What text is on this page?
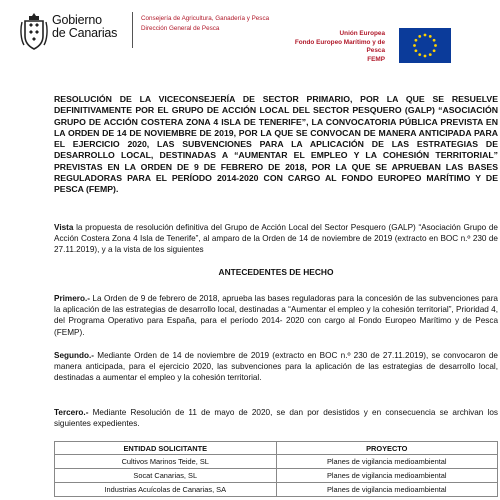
Gobierno
de Canarias
Consejería de Agricultura, Ganadería y Pesca
Dirección General de Pesca
Unión Europea
Fondo Europeo Marítimo y de
Pesca
FEMP
RESOLUCIÓN DE LA VICECONSEJERÍA DE SECTOR PRIMARIO, POR LA QUE SE RESUELVE DEFINITIVAMENTE POR EL GRUPO DE ACCIÓN LOCAL DEL SECTOR PESQUERO (GALP) “ASOCIACIÓN GRUPO DE ACCIÓN COSTERA ZONA 4 ISLA DE TENERIFE”, LA CONVOCATORIA PÚBLICA PREVISTA EN LA ORDEN DE 14 DE NOVIEMBRE DE 2019, POR LA QUE SE CONVOCAN DE MANERA ANTICIPADA PARA EL EJERCICIO 2020, LAS SUBVENCIONES PARA LA APLICACIÓN DE LAS ESTRATEGIAS DE DESARROLLO LOCAL, DESTINADAS A “AUMENTAR EL EMPLEO Y LA COHESIÓN TERRITORIAL” PREVISTAS EN LA ORDEN DE 9 DE FEBRERO DE 2018, POR LA QUE SE APRUEBAN LAS BASES REGULADORAS PARA EL PERÍODO 2014-2020 CON CARGO AL FONDO EUROPEO MARÍTIMO Y DE PESCA (FEMP).
Vista la propuesta de resolución definitiva del Grupo de Acción Local del Sector Pesquero (GALP) “Asociación Grupo de Acción Costera Zona 4 Isla de Tenerife”, al amparo de la Orden de 14 de noviembre de 2019 (extracto en BOC n.º 230 de 27.11.2019), y a la vista de los siguientes
ANTECEDENTES DE HECHO
Primero.- La Orden de 9 de febrero de 2018, aprueba las bases reguladoras para la concesión de las subvenciones para la aplicación de las estrategias de desarrollo local, destinadas a “Aumentar el empleo y la cohesión territorial”, Prioridad 4, del Programa Operativo para España, para el período 2014- 2020 con cargo al Fondo Europeo Marítimo y de Pesca (FEMP).
Segundo.- Mediante Orden de 14 de noviembre de 2019 (extracto en BOC n.º 230 de 27.11.2019), se convocaron de manera anticipada, para el ejercicio 2020, las subvenciones para la aplicación de las estrategias de desarrollo local, destinadas a aumentar el empleo y la cohesión territorial.
Tercero.- Mediante Resolución de 11 de mayo de 2020, se dan por desistidos y en consecuencia se archivan los siguientes expedientes.
ENTIDAD SOLICITANTE	PROYECTO
Cultivos Marinos Teide, SL	Planes de vigilancia medioambiental
Socat Canarias, SL	Planes de vigilancia medioambiental
Industrias Acuícolas de Canarias, SA	Planes de vigilancia medioambiental
